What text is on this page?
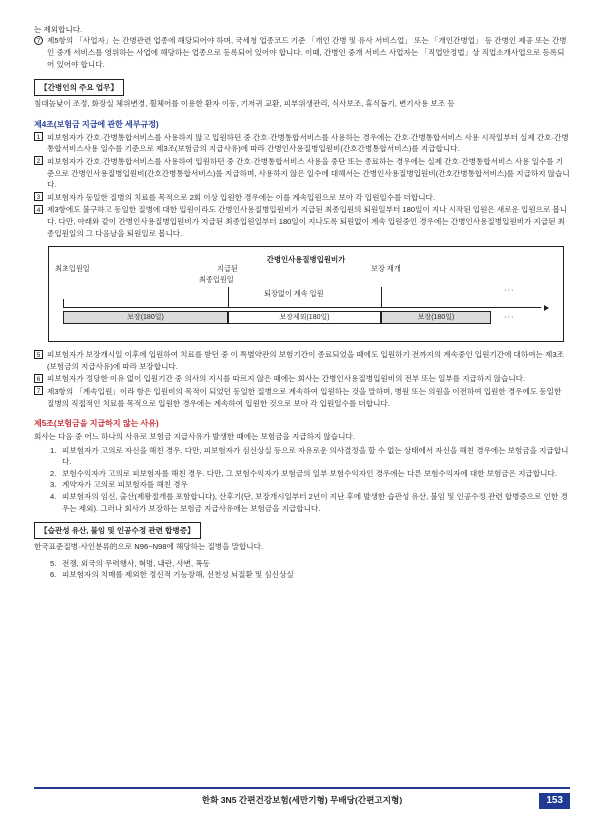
는 제외합니다.
7 제5항의 「사업자」는 간병관련 업종에 해당되어야 하며, 국세청 업종코드 기준 「개인 간병 및 유사 서비스업」 또는 「개인간병업」 등 간병인 제공 또는 간병인 중개 서비스를 영위하는 사업에 해당하는 업종으로 등록되어 있어야 합니다. 이때, 간병인 중개 서비스 사업자는 「직업안정법」상 직업소개사업으로 등록되어 있어야 합니다.
【간병인의 주요 업무】
침대높낮이 조정, 화장실 체위변경, 휠체어를 이용한 환자 이동, 기저귀 교환, 피부위생관리, 식사보조, 휴식돕기, 변기사용 보조 등
제4조(보험금 지급에 관한 세부규정)
1 피보험자가 간호·간병통합서비스를 사용하지 않고 입원하던 중 간호·간병통합서비스를 사용하는 경우에는 간호·간병통합서비스 사용 시작일부터 실제 간호·간병통합서비스사용 일수를 기준으로 제3조(보험금의 지급사유)에 따라 간병인사용질병입원비(간호간병통합서비스)를 지급합니다.
2 피보험자가 간호·간병통합서비스를 사용하여 입원하던 중 간호·간병통합서비스 사용을 중단 또는 종료하는 경우에는 실제 간호·간병통합서비스 사용 일수를 기준으로 간병인사용질병입원비(간호간병통합서비스)를 지급하며, 사용하지 않은 일수에 대해서는 간병인사용질병입원비(간호간병통합서비스)를 지급하지 않습니다.
3 피보험자가 동일한 질병의 치료를 목적으로 2회 이상 입원한 경우에는 이를 계속입원으로 보아 각 입원일수를 더합니다.
4 제3항에도 불구하고 동일한 질병에 대한 입원이라도 간병인사용질병입원비가 지급된 최종입원의 퇴원일부터 180일이 지나 시작된 입원은 새로운 입원으로 봅니다. 다만, 아래와 같이 간병인사용질병입원비가 지급된 최종입원일부터 180일이 지나도록 퇴원없이 계속 입원중인 경우에는 간병인사용질병입원비가 지급된 최종입원일의 그 다음날을 퇴원일로 봅니다.
간병인사용질병입원비가
최초입원일	지급된
최종입원일
보장 재개
퇴장없이 계속 입원	···
···
보장(180일)	보장제외(180일)	보장(180일)
5 피보험자가 보장개시일 이후에 입원하여 치료를 받던 중 이 특별약관의 보험기간이 종료되었을 때에도 입원하기 전까지의 계속중인 입원기간에 대하여는 제3조(보험금의 지급사유)에 따라 보장합니다.
6 피보험자가 정당한 이유 없이 입원기간 중 의사의 지시를 따르지 않은 때에는 회사는 간병인사용질병입원비의 전부 또는 일부를 지급하지 않습니다.
7 제3항의 「계속입원」이라 함은 입원비의 목적이 되었던 동일한 질병으로 계속하여 입원하는 것을 말하며, 병원 또는 의원을 이전하여 입원한 경우에도 동일한 질병의 직접적인 치료를 목적으로 입원한 경우에는 계속하여 입원한 것으로 보아 각 입원일수를 더합니다.
제5조(보험금을 지급하지 않는 사유)
회사는 다음 중 어느 하나의 사유로 보험금 지급사유가 발생한 때에는 보험금을 지급하지 않습니다.
1. 피보험자가 고의로 자신을 해친 경우. 다만, 피보험자가 심신상실 등으로 자유로운 의사결정을 할 수 없는 상태에서 자신을 해친 경우에는 보험금을 지급합니다.
2. 보험수익자가 고의로 피보험자를 해친 경우. 다만, 그 보험수익자가 보험금의 일부 보험수익자인 경우에는 다른 보험수익자에 대한 보험금은 지급합니다.
3. 계약자가 고의로 피보험자를 해친 경우
4. 피보험자의 임신, 출산(제왕절개를 포함합니다), 산후기(단, 보장개시일부터 2년이 지난 후에 발생한 습관성 유산, 불임 및 인공수정 관련 합병증으로 인한 경우는 제외). 그러나 회사가 보장하는 보험금 지급사유에는 보험금을 지급합니다.
【습관성 유산, 불임 및 인공수정 관련 합병증】
한국표준질병·사인분류的으로 N96~N98에 해당하는 질병을 말합니다.
5. 전쟁, 외국의 무력행사, 혁명, 내란, 사변, 폭동
6. 피보험자의 치매를 제외한 정신적 기능장해, 선천성 뇌질환 및 심신상실
한화 3N5 간편건강보험(세만기형) 무배당(간편고지형)	153
